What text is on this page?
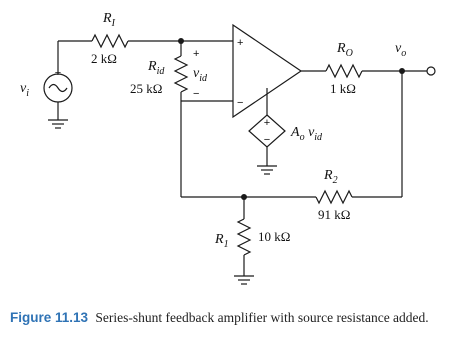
+
$v_i$
$R_I$
2 kΩ
$R_{id}$
25 kΩ
+
$v_{id}$
−
+
−
+
− $A_o$ $v_{id}$
$R_O$
1 kΩ
$v_o$
$R_2$
91 kΩ
$R_1$
10 kΩ
Figure 11.13 Series-shunt feedback amplifier with source resistance added.
